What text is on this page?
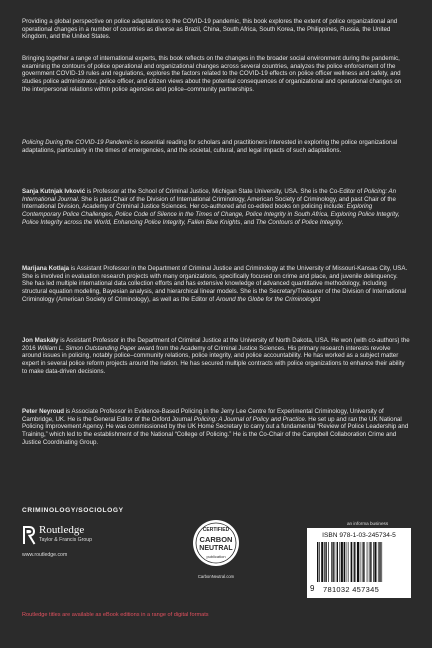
Providing a global perspective on police adaptations to the COVID-19 pandemic, this book explores the extent of police organizational and operational changes in a number of countries as diverse as Brazil, China, South Africa, South Korea, the Philippines, Russia, the United Kingdom, and the United States.

Bringing together a range of international experts, this book reflects on the changes in the broader social environment during the pandemic, examining the contours of police operational and organizational changes across several countries, analyzes the police enforcement of the government COVID-19 rules and regulations, explores the factors related to the COVID-19 effects on police officer wellness and safety, and studies police administrator, police officer, and citizen views about the potential consequences of organizational and operational changes on the interpersonal relations within police agencies and police–community partnerships.

Policing During the COVID-19 Pandemic is essential reading for scholars and practitioners interested in exploring the police organizational adaptations, particularly in the times of emergencies, and the societal, cultural, and legal impacts of such adaptations.

Sanja Kutnjak Ivković is Professor at the School of Criminal Justice, Michigan State University, USA. She is the Co-Editor of Policing: An International Journal. She is past Chair of the Division of International Criminology, American Society of Criminology, and past Chair of the International Division, Academy of Criminal Justice Sciences. Her co-authored and co-edited books on policing include: Exploring Contemporary Police Challenges, Police Code of Silence in the Times of Change, Police Integrity in South Africa, Exploring Police Integrity, Police Integrity across the World, Enhancing Police Integrity, Fallen Blue Knights, and The Contours of Police Integrity.

Marijana Kotlaja is Assistant Professor in the Department of Criminal Justice and Criminology at the University of Missouri-Kansas City, USA. She is involved in evaluation research projects with many organizations, specifically focused on crime and place, and juvenile delinquency. She has led multiple international data collection efforts and has extensive knowledge of advanced quantitative methodology, including structural equation modeling, Bayesian analysis, and hierarchical linear models. She is the Secretary/Treasurer of the Division of International Criminology (American Society of Criminology), as well as the Editor of Around the Globe for the Criminologist

Jon Maskály is Assistant Professor in the Department of Criminal Justice at the University of North Dakota, USA. He won (with co-authors) the 2016 William L. Simon Outstanding Paper award from the Academy of Criminal Justice Sciences. His primary research interests revolve around issues in policing, notably police–community relations, police integrity, and police accountability. He has worked as a subject matter expert in several police reform projects around the nation. He has secured multiple contracts with police organizations to enhance their ability to make data-driven decisions.

Peter Neyroud is Associate Professor in Evidence-Based Policing in the Jerry Lee Centre for Experimental Criminology, University of Cambridge, UK. He is the General Editor of the Oxford Journal Policing: A Journal of Policy and Practice. He set up and ran the UK National Policing Improvement Agency. He was commissioned by the UK Home Secretary to carry out a fundamental “Review of Police Leadership and Training,” which led to the establishment of the National “College of Policing.” He is the Co-Chair of the Campbell Collaboration Crime and Justice Coordinating Group.

CRIMINOLOGY/SOCIOLOGY
Routledge
Taylor & Francis Group
www.routledge.com
CERTIFIED
CARBON
NEUTRAL
publication
CarbonNeutral.com
an informa business
ISBN 978-1-03-245734-5
9 781032 457345
Routledge titles are available as eBook editions in a range of digital formats
